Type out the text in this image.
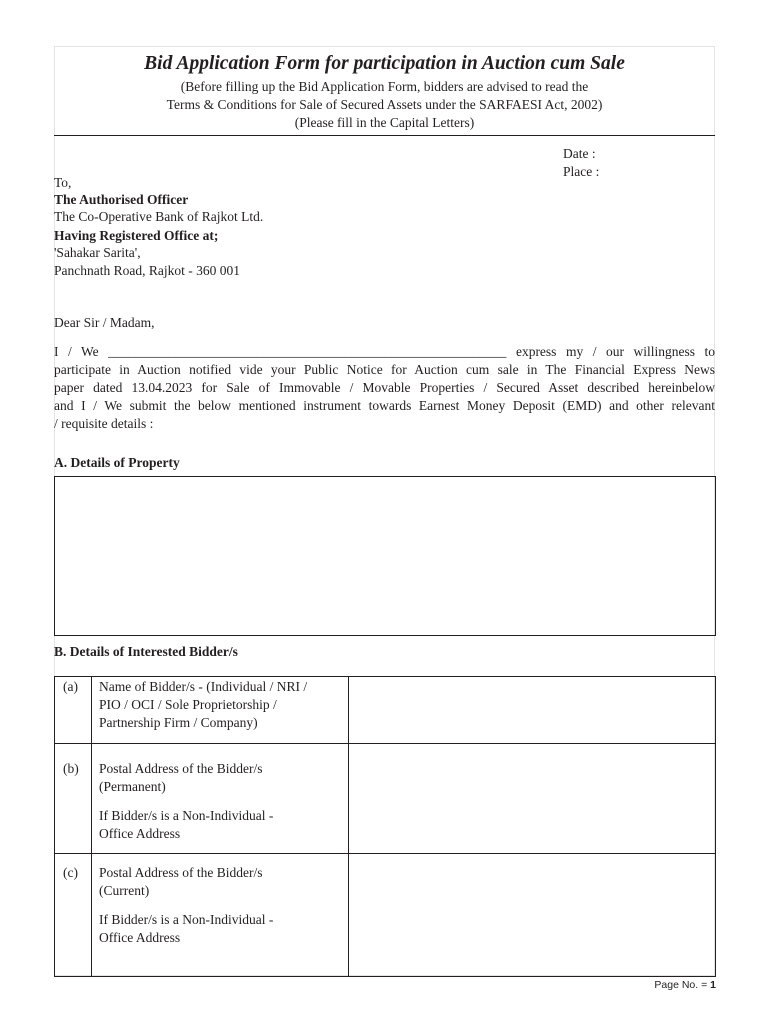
Bid Application Form for participation in Auction cum Sale
(Before filling up the Bid Application Form, bidders are advised to read the
Terms & Conditions for Sale of Secured Assets under the SARFAESI Act, 2002)
(Please fill in the Capital Letters)
Date :
Place :
To,
The Authorised Officer
The Co-Operative Bank of Rajkot Ltd.
Having Registered Office at;
'Sahakar Sarita',
Panchnath Road, Rajkot - 360 001
Dear Sir / Madam,
I / We ___________________________________________________________ express my / our willingness to
participate in Auction notified vide your Public Notice for Auction cum sale in The Financial Express News
paper dated 13.04.2023 for Sale of Immovable / Movable Properties / Secured Asset described hereinbelow
and I / We submit the below mentioned instrument towards Earnest Money Deposit (EMD) and other relevant
/ requisite details :
A. Details of Property
B. Details of Interested Bidder/s
(a) Name of Bidder/s - (Individual / NRI /
PIO / OCI / Sole Proprietorship /
Partnership Firm / Company)
(b) Postal Address of the Bidder/s
(Permanent)
If Bidder/s is a Non-Individual -
Office Address
(c) Postal Address of the Bidder/s
(Current)
If Bidder/s is a Non-Individual -
Office Address
Page No. = 1
